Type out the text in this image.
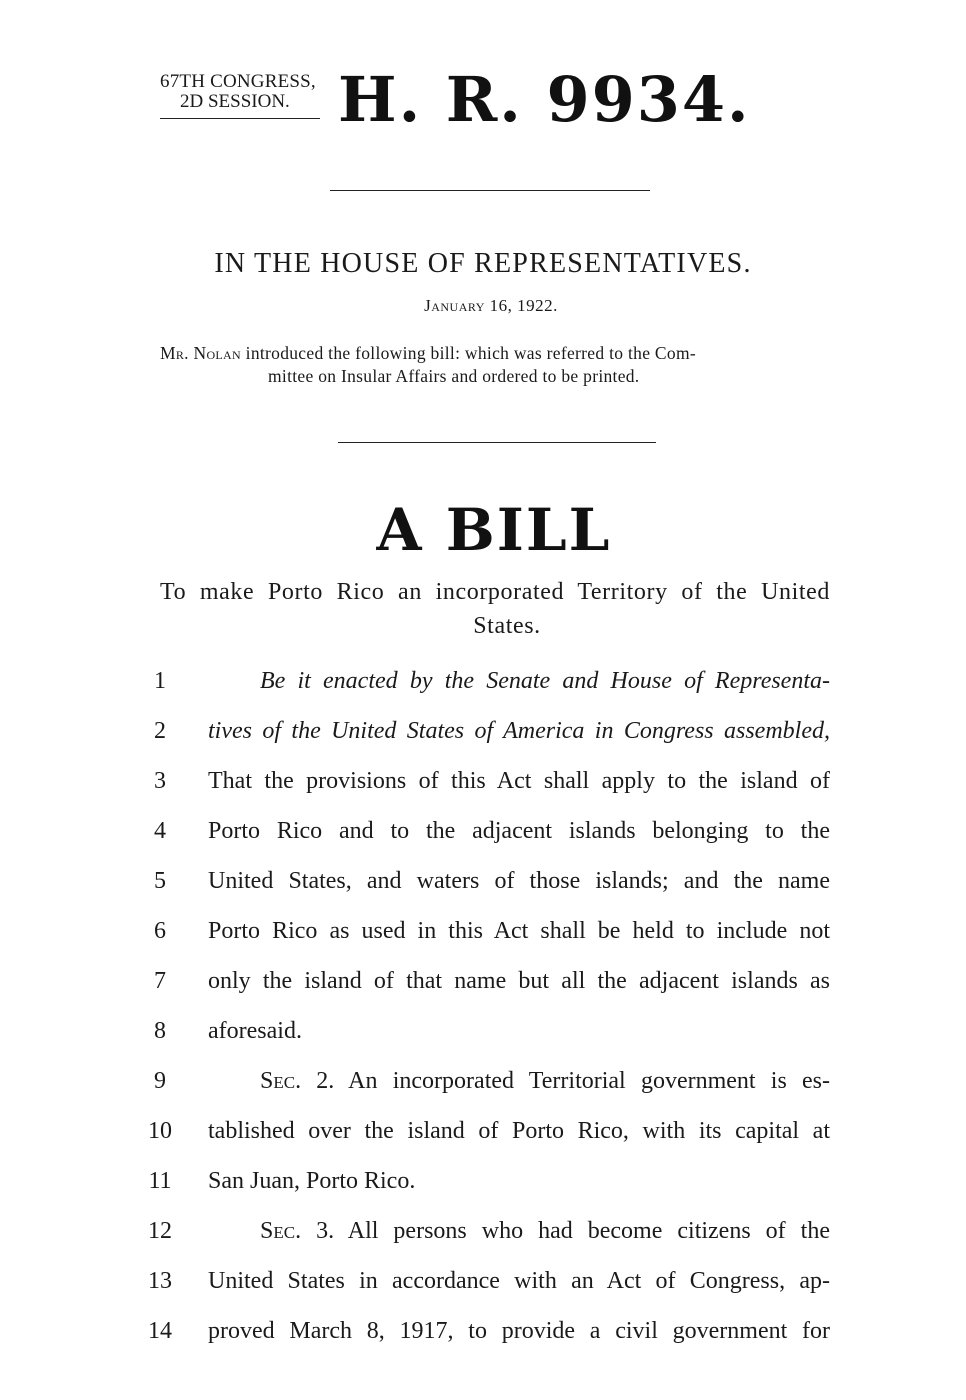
67TH CONGRESS,
2D SESSION. H. R. 9934.
IN THE HOUSE OF REPRESENTATIVES.
January 16, 1922.
Mr. Nolan introduced the following bill: which was referred to the Com-
mittee on Insular Affairs and ordered to be printed.
A BILL
To make Porto Rico an incorporated Territory of the United
States.
1	Be it enacted by the Senate and House of Representa-
2	tives of the United States of America in Congress assembled,
3	That the provisions of this Act shall apply to the island of
4	Porto Rico and to the adjacent islands belonging to the
5	United States, and waters of those islands; and the name
6	Porto Rico as used in this Act shall be held to include not
7	only the island of that name but all the adjacent islands as
8	aforesaid.
9	Sec. 2. An incorporated Territorial government is es-
10	tablished over the island of Porto Rico, with its capital at
11	San Juan, Porto Rico.
12	Sec. 3. All persons who had become citizens of the
13	United States in accordance with an Act of Congress, ap-
14	proved March 8, 1917, to provide a civil government for
